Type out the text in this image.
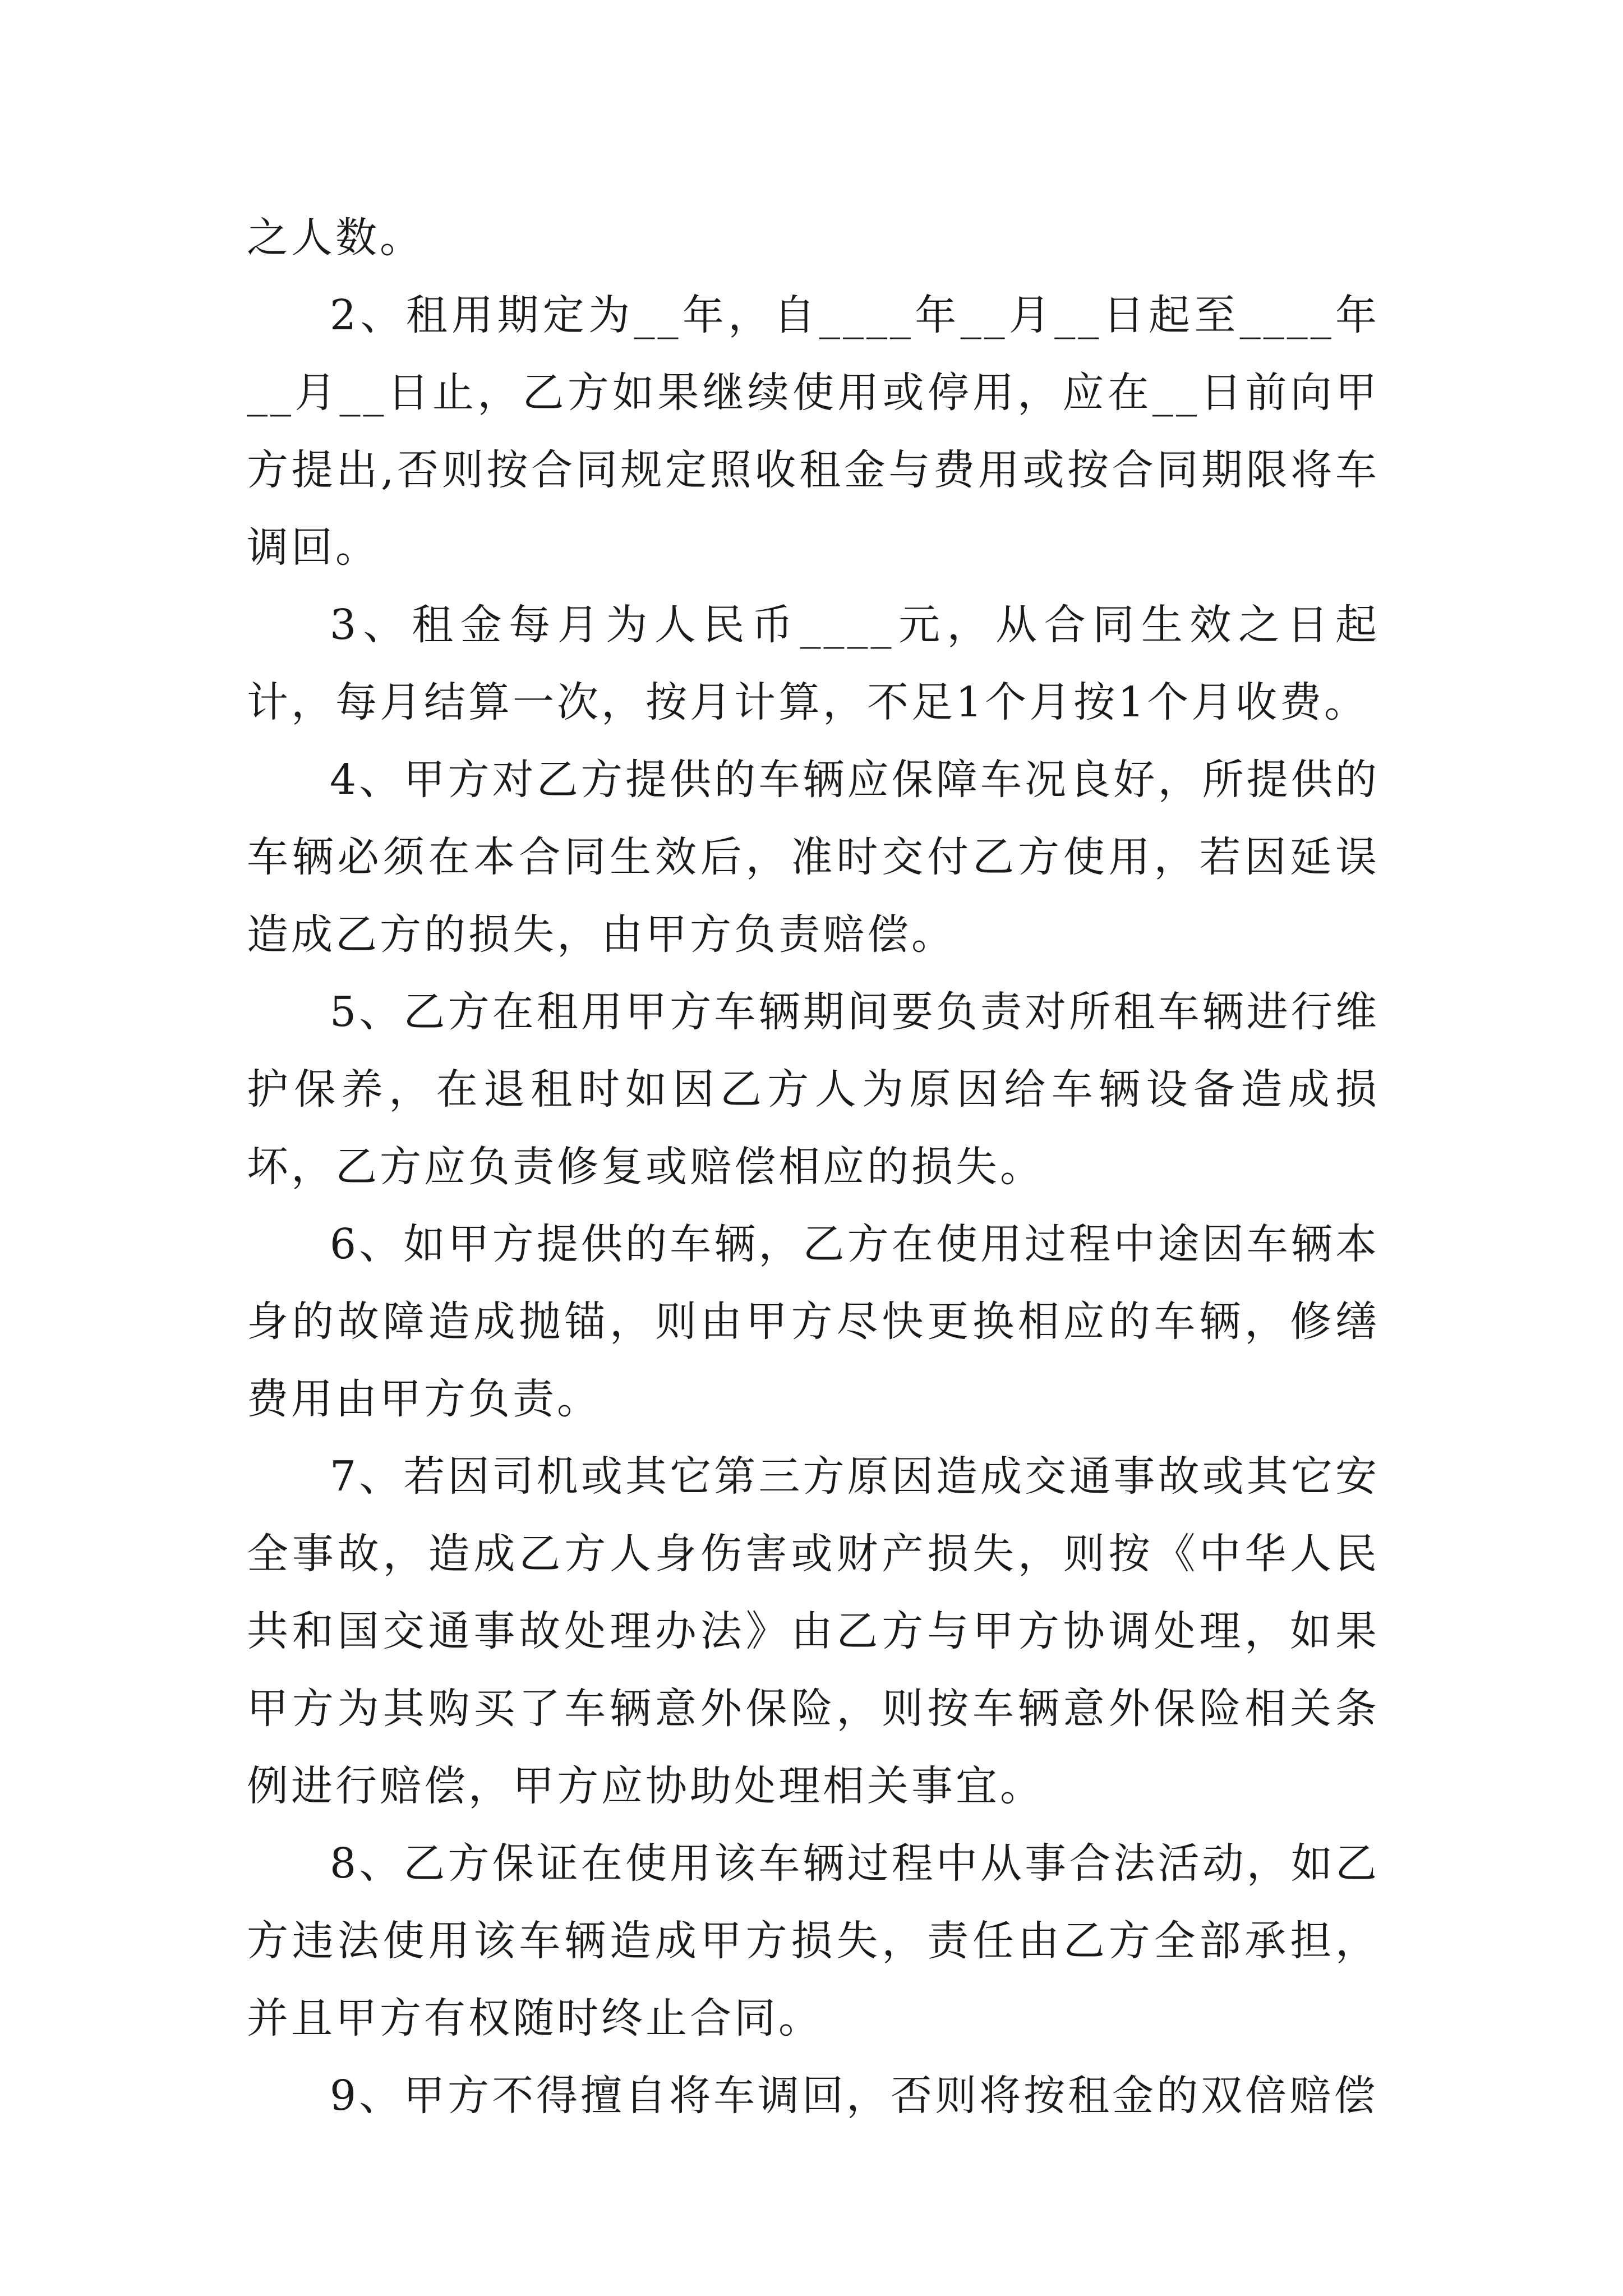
之人数。

2、租用期定为__年，自____年__月__日起至____年__月__日止，乙方如果继续使用或停用，应在__日前向甲方提出,否则按合同规定照收租金与费用或按合同期限将车调回。

3、租金每月为人民币____元，从合同生效之日起计，每月结算一次，按月计算，不足1个月按1个月收费。

4、甲方对乙方提供的车辆应保障车况良好，所提供的车辆必须在本合同生效后，准时交付乙方使用，若因延误造成乙方的损失，由甲方负责赔偿。

5、乙方在租用甲方车辆期间要负责对所租车辆进行维护保养，在退租时如因乙方人为原因给车辆设备造成损坏，乙方应负责修复或赔偿相应的损失。

6、如甲方提供的车辆，乙方在使用过程中途因车辆本身的故障造成抛锚，则由甲方尽快更换相应的车辆，修缮费用由甲方负责。

7、若因司机或其它第三方原因造成交通事故或其它安全事故，造成乙方人身伤害或财产损失，则按《中华人民共和国交通事故处理办法》由乙方与甲方协调处理，如果甲方为其购买了车辆意外保险，则按车辆意外保险相关条例进行赔偿，甲方应协助处理相关事宜。

8、乙方保证在使用该车辆过程中从事合法活动，如乙方违法使用该车辆造成甲方损失，责任由乙方全部承担，并且甲方有权随时终止合同。

9、甲方不得擅自将车调回，否则将按租金的双倍赔偿
